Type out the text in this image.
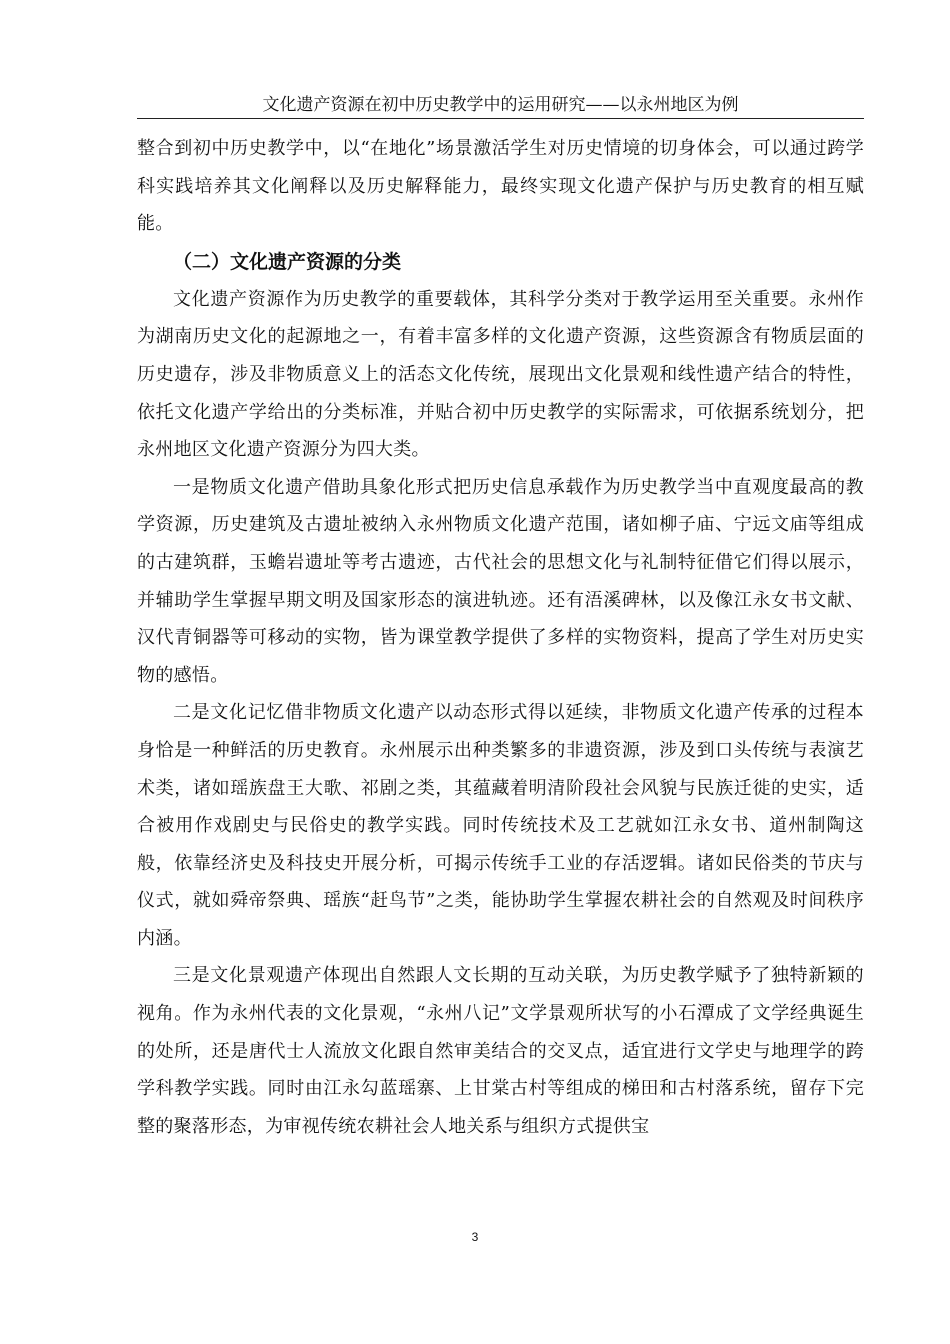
文化遗产资源在初中历史教学中的运用研究——以永州地区为例

整合到初中历史教学中，以“在地化”场景激活学生对历史情境的切身体会，可以通过跨学科实践培养其文化阐释以及历史解释能力，最终实现文化遗产保护与历史教育的相互赋能。

（二）文化遗产资源的分类

文化遗产资源作为历史教学的重要载体，其科学分类对于教学运用至关重要。永州作为湖南历史文化的起源地之一，有着丰富多样的文化遗产资源，这些资源含有物质层面的历史遗存，涉及非物质意义上的活态文化传统，展现出文化景观和线性遗产结合的特性，依托文化遗产学给出的分类标准，并贴合初中历史教学的实际需求，可依据系统划分，把永州地区文化遗产资源分为四大类。

一是物质文化遗产借助具象化形式把历史信息承载作为历史教学当中直观度最高的教学资源，历史建筑及古遗址被纳入永州物质文化遗产范围，诸如柳子庙、宁远文庙等组成的古建筑群，玉蟾岩遗址等考古遗迹，古代社会的思想文化与礼制特征借它们得以展示，并辅助学生掌握早期文明及国家形态的演进轨迹。还有浯溪碑林，以及像江永女书文献、汉代青铜器等可移动的实物，皆为课堂教学提供了多样的实物资料，提高了学生对历史实物的感悟。

二是文化记忆借非物质文化遗产以动态形式得以延续，非物质文化遗产传承的过程本身恰是一种鲜活的历史教育。永州展示出种类繁多的非遗资源，涉及到口头传统与表演艺术类，诸如瑶族盘王大歌、祁剧之类，其蕴藏着明清阶段社会风貌与民族迁徙的史实，适合被用作戏剧史与民俗史的教学实践。同时传统技术及工艺就如江永女书、道州制陶这般，依靠经济史及科技史开展分析，可揭示传统手工业的存活逻辑。诸如民俗类的节庆与仪式，就如舜帝祭典、瑶族“赶鸟节”之类，能协助学生掌握农耕社会的自然观及时间秩序内涵。

三是文化景观遗产体现出自然跟人文长期的互动关联，为历史教学赋予了独特新颖的视角。作为永州代表的文化景观，“永州八记”文学景观所状写的小石潭成了文学经典诞生的处所，还是唐代士人流放文化跟自然审美结合的交叉点，适宜进行文学史与地理学的跨学科教学实践。同时由江永勾蓝瑶寨、上甘棠古村等组成的梯田和古村落系统，留存下完整的聚落形态，为审视传统农耕社会人地关系与组织方式提供宝

3
